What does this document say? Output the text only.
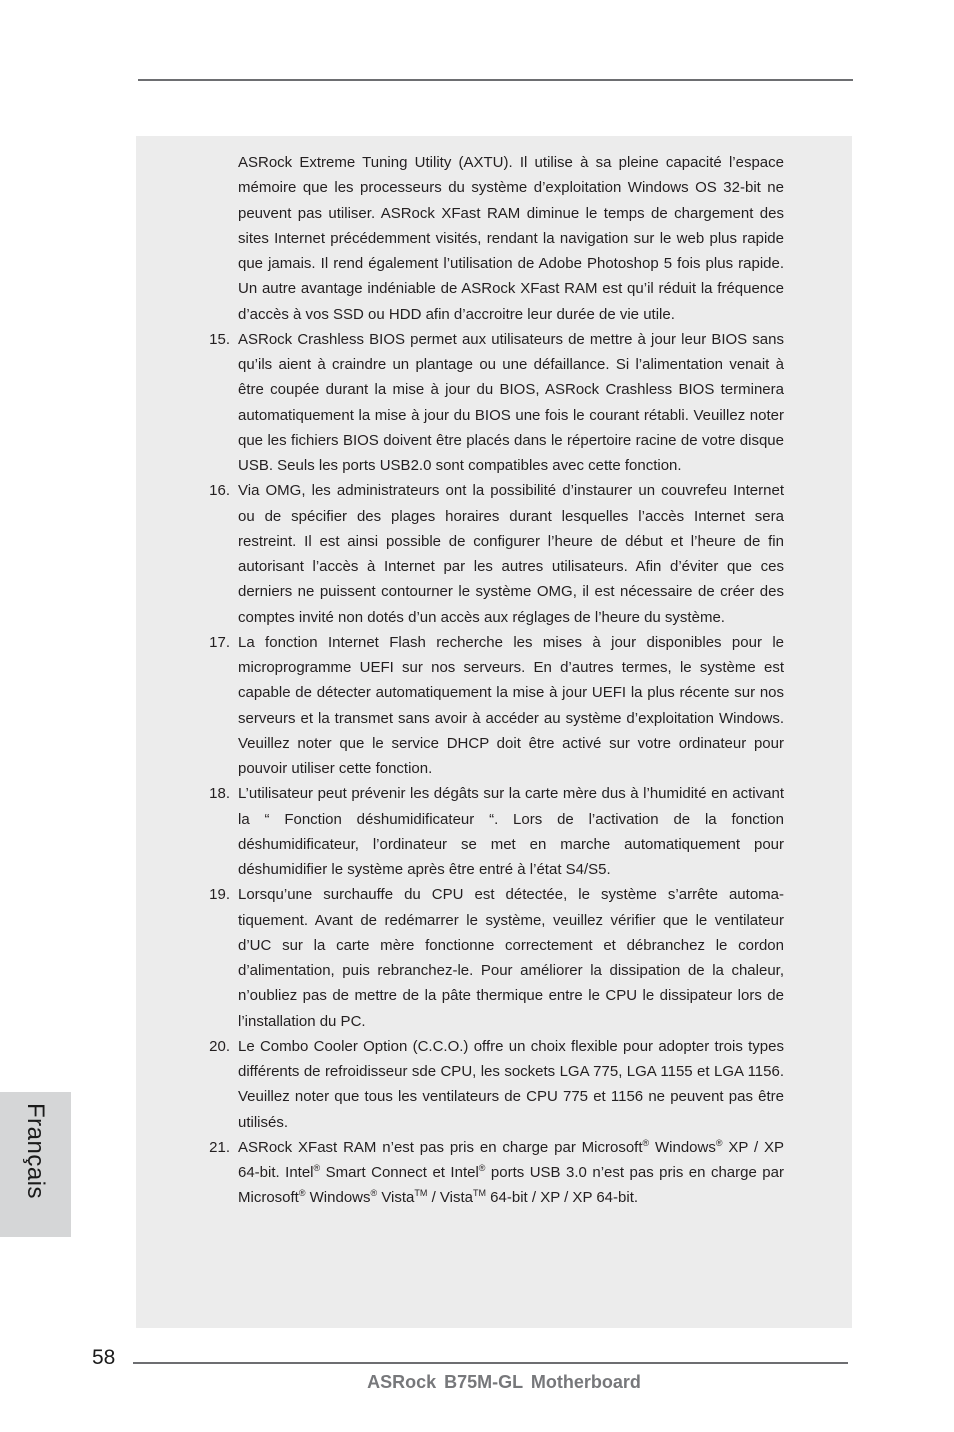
ASRock Extreme Tuning Utility (AXTU). Il utilise à sa pleine capacité l’espace mémoire que les processeurs du système d’exploitation Windows OS 32-bit ne peuvent pas utiliser. ASRock XFast RAM diminue le temps de chargement des sites Internet précédemment visités, rendant la navigation sur le web plus rapide que jamais. Il rend également l’utilisation de Adobe Photoshop 5 fois plus rapide. Un autre avantage indéniable de ASRock XFast RAM est qu’il réduit la fréquence d’accès à vos SSD ou HDD afin d’accroitre leur durée de vie utile.
15. ASRock Crashless BIOS permet aux utilisateurs de mettre à jour leur BIOS sans qu’ils aient à craindre un plantage ou une défaillance. Si l’alimentation venait à être coupée durant la mise à jour du BIOS, ASRock Crashless BIOS terminera automatiquement la mise à jour du BIOS une fois le courant rétabli. Veuillez noter que les fichiers BIOS doivent être placés dans le répertoire racine de votre disque USB. Seuls les ports USB2.0 sont compatibles avec cette fonction.
16. Via OMG, les administrateurs ont la possibilité d’instaurer un couvrefeu Internet ou de spécifier des plages horaires durant lesquelles l’accès Internet sera restreint. Il est ainsi possible de configurer l’heure de début et l’heure de fin autorisant l’accès à Internet par les autres utilisateurs. Afin d’éviter que ces derniers ne puissent contourner le système OMG, il est nécessaire de créer des comptes invité non dotés d’un accès aux réglages de l’heure du système.
17. La fonction Internet Flash recherche les mises à jour disponibles pour le microprogramme UEFI sur nos serveurs. En d’autres termes, le système est capable de détecter automatiquement la mise à jour UEFI la plus récente sur nos serveurs et la transmet sans avoir à accéder au système d’exploitation Windows. Veuillez noter que le service DHCP doit être activé sur votre ordinateur pour pouvoir utiliser cette fonction.
18. L’utilisateur peut prévenir les dégâts sur la carte mère dus à l’humidité en activant la “ Fonction déshumidificateur “. Lors de l’activation de la fonction déshumidificateur, l’ordinateur se met en marche automatiquement pour déshumidifier le système après être entré à l’état S4/S5.
19. Lorsqu’une surchauffe du CPU est détectée, le système s’arrête automatiquement. Avant de redémarrer le système, veuillez vérifier que le ventilateur d’UC sur la carte mère fonctionne correctement et débranchez le cordon d’alimentation, puis rebranchez-le. Pour améliorer la dissipation de la chaleur, n’oubliez pas de mettre de la pâte thermique entre le CPU le dissipateur lors de l’installation du PC.
20. Le Combo Cooler Option (C.C.O.) offre un choix flexible pour adopter trois types différents de refroidisseur sde CPU, les sockets LGA 775, LGA 1155 et LGA 1156. Veuillez noter que tous les ventilateurs de CPU 775 et 1156 ne peuvent pas être utilisés.
21. ASRock XFast RAM n’est pas pris en charge par Microsoft® Windows® XP / XP 64-bit. Intel® Smart Connect et Intel® ports USB 3.0 n’est pas pris en charge par Microsoft® Windows® Vista™ / Vista™ 64-bit / XP / XP 64-bit.
Français
58
ASRock B75M-GL Motherboard
